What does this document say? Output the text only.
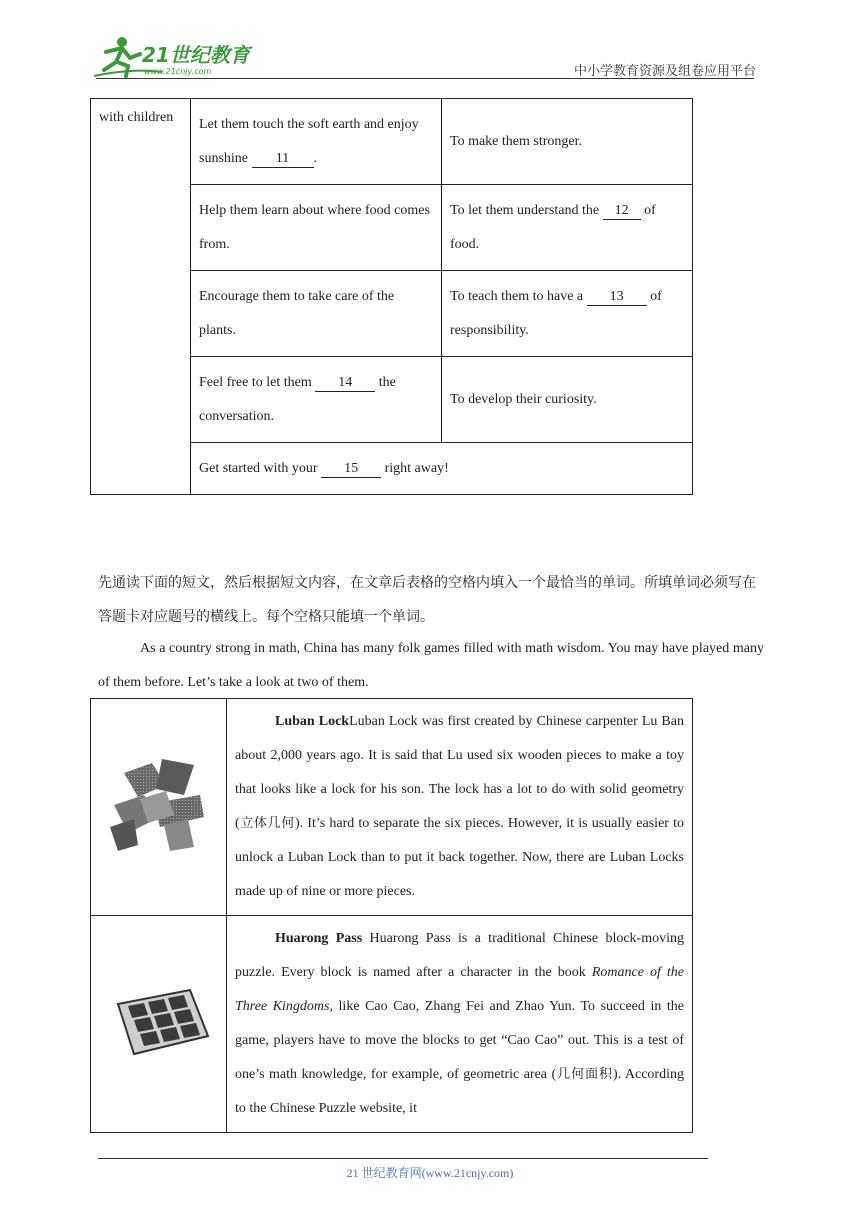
21世纪教育
www.21cnjy.com	中小学教育资源及组卷应用平台
with children	Let them touch the soft earth and enjoy sunshine 11 .	To make them stronger.
	Help them learn about where food comes from.	To let them understand the 12 of food.
	Encourage them to take care of the plants.	To teach them to have a 13 of responsibility.
	Feel free to let them 14 the conversation.	To develop their curiosity.
	Get started with your 15 right away!	
先通读下面的短文，然后根据短文内容，在文章后表格的空格内填入一个最恰当的单词。所填单词必须写在答题卡对应题号的横线上。每个空格只能填一个单词。
As a country strong in math, China has many folk games filled with math wisdom. You may have played many of them before. Let’s take a look at two of them.

Luban LockLuban Lock was first created by Chinese carpenter Lu Ban about 2,000 years ago. It is said that Lu used six wooden pieces to make a toy that looks like a lock for his son. The lock has a lot to do with solid geometry (立体几何). It’s hard to separate the six pieces. However, it is usually easier to unlock a Luban Lock than to put it back together. Now, there are Luban Locks made up of nine or more pieces.

Huarong Pass Huarong Pass is a traditional Chinese block-moving puzzle. Every block is named after a character in the book Romance of the Three Kingdoms, like Cao Cao, Zhang Fei and Zhao Yun. To succeed in the game, players have to move the blocks to get “Cao Cao” out. This is a test of one’s math knowledge, for example, of geometric area (几何面积). According to the Chinese Puzzle website, it

21 世纪教育网(www.21cnjy.com)
